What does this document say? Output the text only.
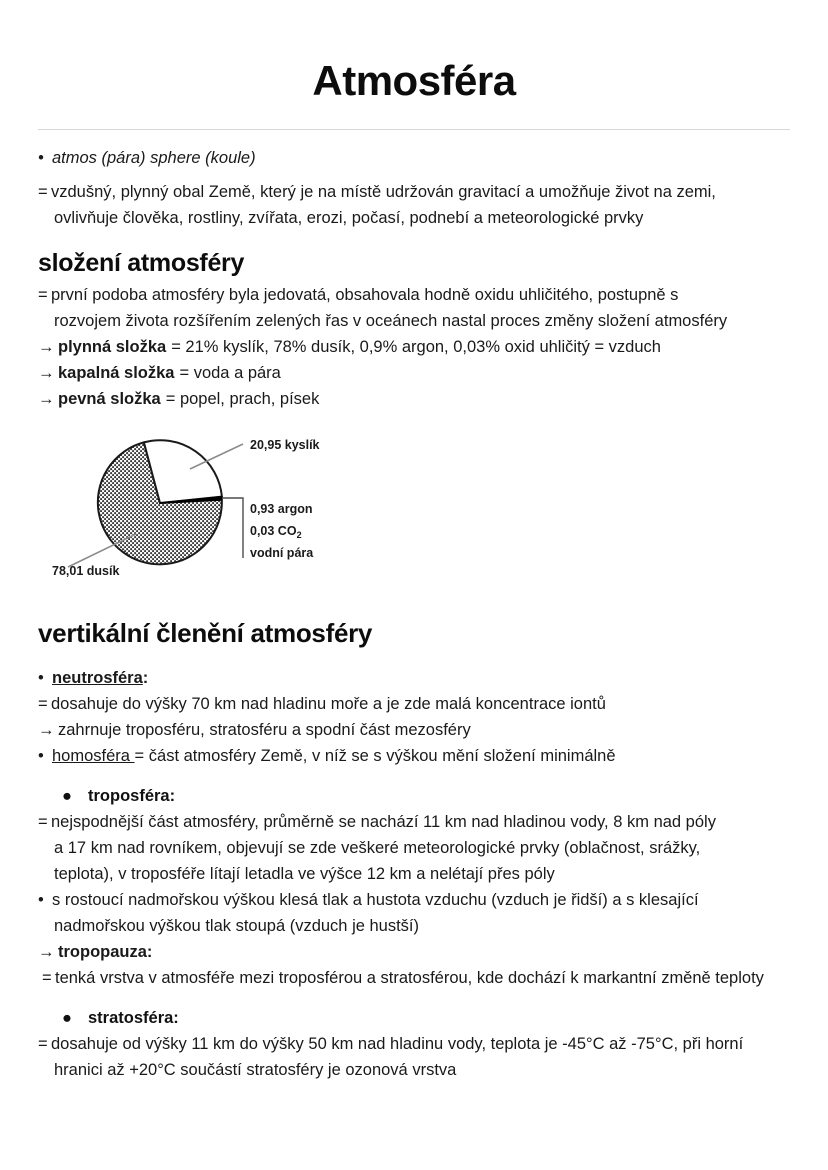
Atmosféra
• atmos (pára) sphere (koule)
= vzdušný, plynný obal Země, který je na místě udržován gravitací a umožňuje život na zemi,
ovlivňuje člověka, rostliny, zvířata, erozi, počasí, podnebí a meteorologické prvky
složení atmosféry
= první podoba atmosféry byla jedovatá, obsahovala hodně oxidu uhličitého, postupně s
rozvojem života rozšířením zelených řas v oceánech nastal proces změny složení atmosféry
→ plynná složka = 21% kyslík, 78% dusík, 0,9% argon, 0,03% oxid uhličitý = vzduch
→ kapalná složka = voda a pára
→ pevná složka = popel, prach, písek
20,95 kyslík
78,01 dusík
0,93 argon
0,03 $CO_2$
vodní pára
vertikální členění atmosféry
• neutrosféra:
= dosahuje do výšky 70 km nad hladinu moře a je zde malá koncentrace iontů
→ zahrnuje troposféru, stratosféru a spodní část mezosféry
• homosféra = část atmosféry Země, v níž se s výškou mění složení minimálně
● troposféra:
= nejspodnější část atmosféry, průměrně se nachází 11 km nad hladinou vody, 8 km nad póly
a 17 km nad rovníkem, objevují se zde veškeré meteorologické prvky (oblačnost, srážky,
teplota), v troposféře lítají letadla ve výšce 12 km a nelétají přes póly
• s rostoucí nadmořskou výškou klesá tlak a hustota vzduchu (vzduch je řidší) a s klesající
nadmořskou výškou tlak stoupá (vzduch je hustší)
→ tropopauza:
= tenká vrstva v atmosféře mezi troposférou a stratosférou, kde dochází k markantní změně teploty
● stratosféra:
= dosahuje od výšky 11 km do výšky 50 km nad hladinu vody, teplota je -45°C až -75°C, při horní
hranici až +20°C součástí stratosféry je ozonová vrstva
